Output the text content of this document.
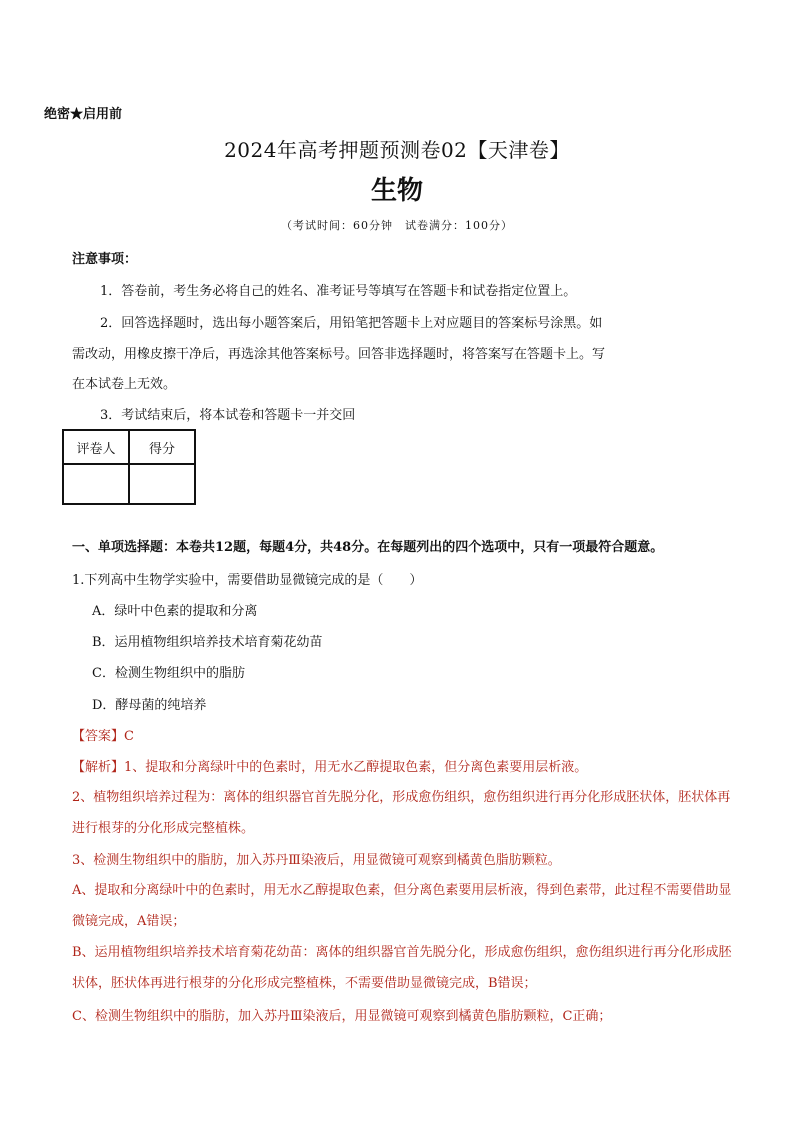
绝密★启用前
2024年高考押题预测卷02【天津卷】
生物
（考试时间：60分钟　试卷满分：100分）
注意事项：
1．答卷前，考生务必将自己的姓名、准考证号等填写在答题卡和试卷指定位置上。
2．回答选择题时，选出每小题答案后，用铅笔把答题卡上对应题目的答案标号涂黑。如
需改动，用橡皮擦干净后，再选涂其他答案标号。回答非选择题时，将答案写在答题卡上。写
在本试卷上无效。
3．考试结束后，将本试卷和答题卡一并交回
评卷人	得分

一、单项选择题：本卷共12题，每题4分，共48分。在每题列出的四个选项中，只有一项最符合题意。
1.下列高中生物学实验中，需要借助显微镜完成的是（　　）
A．绿叶中色素的提取和分离
B．运用植物组织培养技术培育菊花幼苗
C．检测生物组织中的脂肪
D．酵母菌的纯培养
【答案】C
【解析】1、提取和分离绿叶中的色素时，用无水乙醇提取色素，但分离色素要用层析液。
2、植物组织培养过程为：离体的组织器官首先脱分化，形成愈伤组织，愈伤组织进行再分化形成胚状体，胚状体再进行根芽的分化形成完整植株。
3、检测生物组织中的脂肪，加入苏丹Ⅲ染液后，用显微镜可观察到橘黄色脂肪颗粒。
A、提取和分离绿叶中的色素时，用无水乙醇提取色素，但分离色素要用层析液，得到色素带，此过程不需要借助显微镜完成，A错误；
B、运用植物组织培养技术培育菊花幼苗：离体的组织器官首先脱分化，形成愈伤组织，愈伤组织进行再分化形成胚状体，胚状体再进行根芽的分化形成完整植株，不需要借助显微镜完成，B错误；
C、检测生物组织中的脂肪，加入苏丹Ⅲ染液后，用显微镜可观察到橘黄色脂肪颗粒，C正确；
